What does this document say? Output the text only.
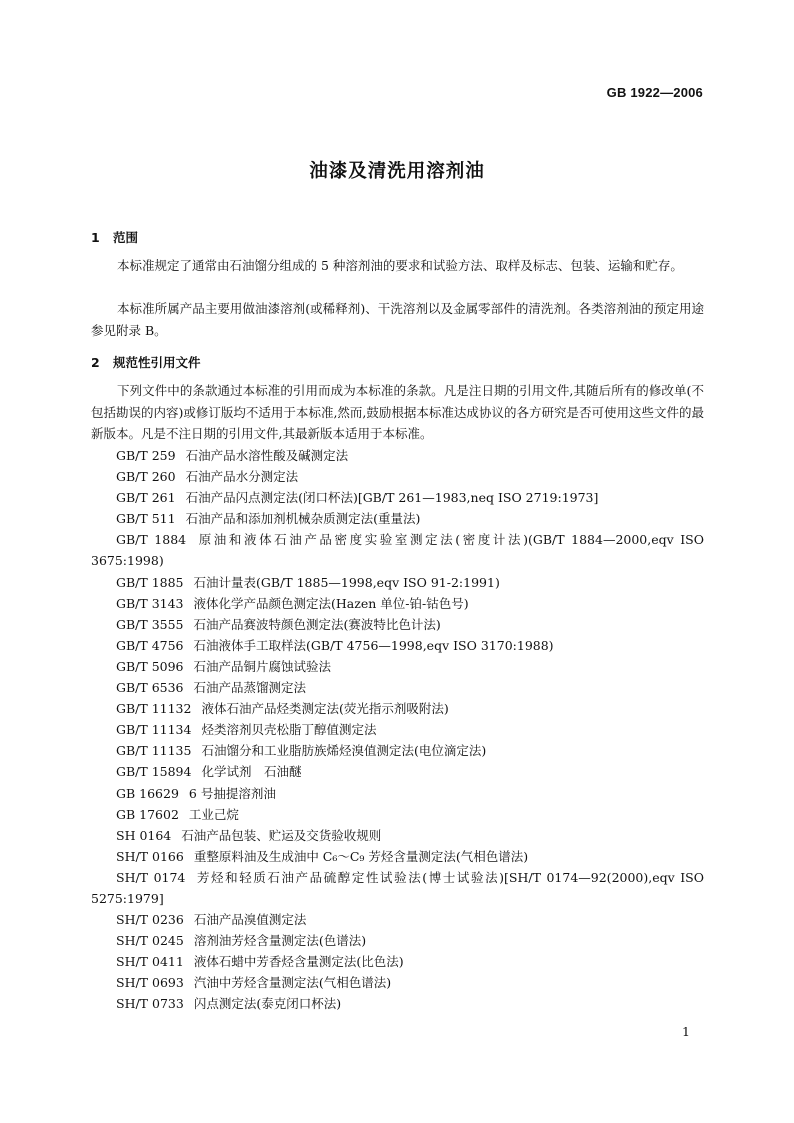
GB 1922—2006
油漆及清洗用溶剂油
1 范围
本标准规定了通常由石油馏分组成的 5 种溶剂油的要求和试验方法、取样及标志、包装、运输和贮存。
本标准所属产品主要用做油漆溶剂(或稀释剂)、干洗溶剂以及金属零部件的清洗剂。各类溶剂油的预定用途参见附录 B。
2 规范性引用文件
下列文件中的条款通过本标准的引用而成为本标准的条款。凡是注日期的引用文件,其随后所有的修改单(不包括勘误的内容)或修订版均不适用于本标准,然而,鼓励根据本标准达成协议的各方研究是否可使用这些文件的最新版本。凡是不注日期的引用文件,其最新版本适用于本标准。
GB/T 259 石油产品水溶性酸及碱测定法
GB/T 260 石油产品水分测定法
GB/T 261 石油产品闪点测定法(闭口杯法)[GB/T 261—1983,neq ISO 2719:1973]
GB/T 511 石油产品和添加剂机械杂质测定法(重量法)
GB/T 1884 原油和液体石油产品密度实验室测定法(密度计法)(GB/T 1884—2000,eqv ISO 3675:1998)
GB/T 1885 石油计量表(GB/T 1885—1998,eqv ISO 91-2:1991)
GB/T 3143 液体化学产品颜色测定法(Hazen 单位-铂-钴色号)
GB/T 3555 石油产品赛波特颜色测定法(赛波特比色计法)
GB/T 4756 石油液体手工取样法(GB/T 4756—1998,eqv ISO 3170:1988)
GB/T 5096 石油产品铜片腐蚀试验法
GB/T 6536 石油产品蒸馏测定法
GB/T 11132 液体石油产品烃类测定法(荧光指示剂吸附法)
GB/T 11134 烃类溶剂贝壳松脂丁醇值测定法
GB/T 11135 石油馏分和工业脂肪族烯烃溴值测定法(电位滴定法)
GB/T 15894 化学试剂　石油醚
GB 16629 6 号抽提溶剂油
GB 17602 工业己烷
SH 0164 石油产品包装、贮运及交货验收规则
SH/T 0166 重整原料油及生成油中 C₆～C₉ 芳烃含量测定法(气相色谱法)
SH/T 0174 芳烃和轻质石油产品硫醇定性试验法(博士试验法)[SH/T 0174—92(2000),eqv ISO 5275:1979]
SH/T 0236 石油产品溴值测定法
SH/T 0245 溶剂油芳烃含量测定法(色谱法)
SH/T 0411 液体石蜡中芳香烃含量测定法(比色法)
SH/T 0693 汽油中芳烃含量测定法(气相色谱法)
SH/T 0733 闪点测定法(泰克闭口杯法)
1
